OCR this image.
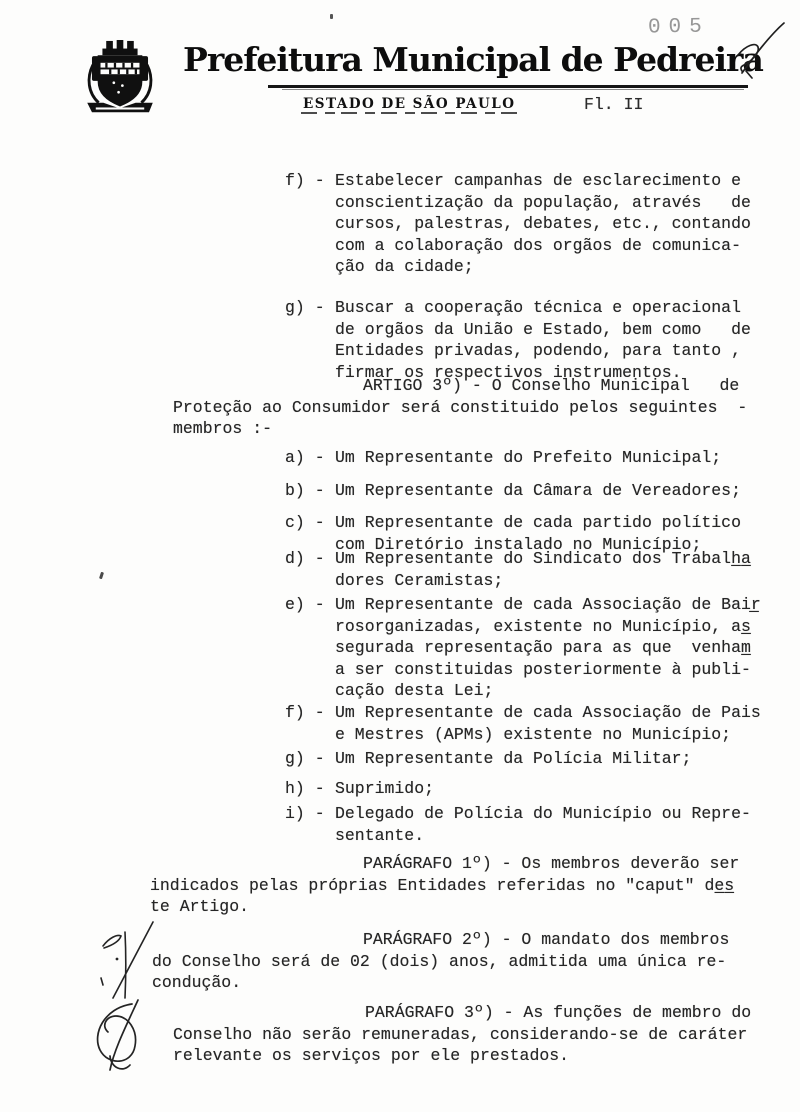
005
Prefeitura Municipal de Pedreira
ESTADO DE SÃO PAULO	Fl. II
f) - Estabelecer campanhas de esclarecimento e
conscientização da população, através   de
cursos, palestras, debates, etc., contando
com a colaboração dos orgãos de comunica-
ção da cidade;
g) - Buscar a cooperação técnica e operacional
de orgãos da União e Estado, bem como   de
Entidades privadas, podendo, para tanto ,
firmar os respectivos instrumentos.
ARTIGO 3º) - O Conselho Municipal   de
Proteção ao Consumidor será constituido pelos seguintes  -
membros :-
a) - Um Representante do Prefeito Municipal;
b) - Um Representante da Câmara de Vereadores;
c) - Um Representante de cada partido político
com Diretório instalado no Município;
d) - Um Representante do Sindicato dos Trabalh̲a̲
dores Ceramistas;
e) - Um Representante de cada Associação de Bair̲
rosorganizadas, existente no Município, as̲
segurada representação para as que  venham̲
a ser constituidas posteriormente à publi-
cação desta Lei;
f) - Um Representante de cada Associação de Pais
e Mestres (APMs) existente no Município;
g) - Um Representante da Polícia Militar;
h) - Suprimido;
i) - Delegado de Polícia do Município ou Repre-
sentante.
PARÁGRAFO 1º) - Os membros deverão ser
indicados pelas próprias Entidades referidas no "caput" de̲s̲
te Artigo.
PARÁGRAFO 2º) - O mandato dos membros
do Conselho será de 02 (dois) anos, admitida uma única re-
condução.
PARÁGRAFO 3º) - As funções de membro do
Conselho não serão remuneradas, considerando-se de caráter
relevante os serviços por ele prestados.
